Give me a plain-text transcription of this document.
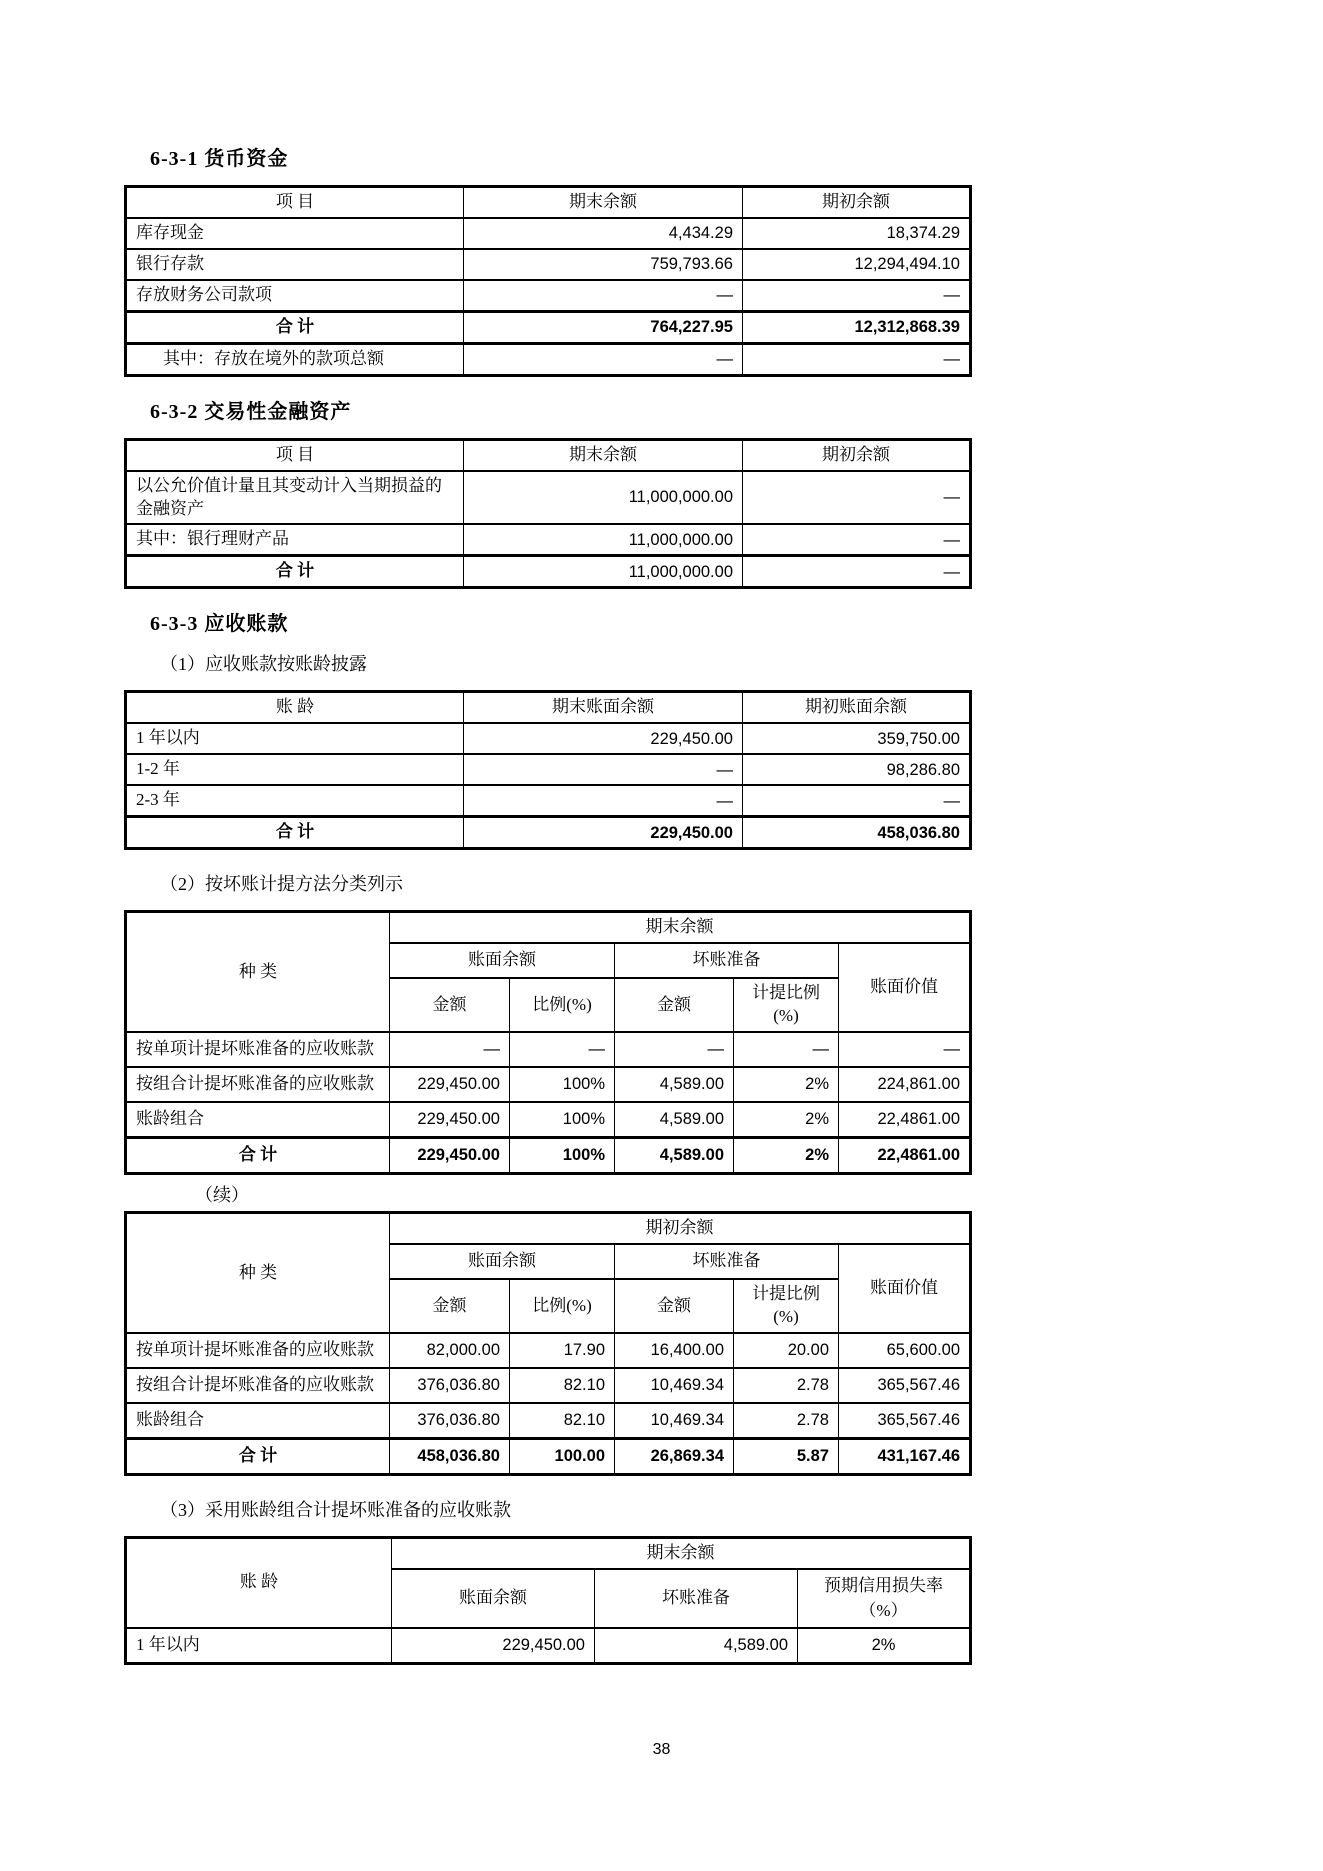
6-3-1 货币资金
项 目	期末余额	期初余额
库存现金	4,434.29	18,374.29
银行存款	759,793.66	12,294,494.10
存放财务公司款项	—	—
合 计	764,227.95	12,312,868.39
其中：存放在境外的款项总额	—	—
6-3-2 交易性金融资产
项 目	期末余额	期初余额
以公允价值计量且其变动计入当期损益的金融资产	11,000,000.00	—
其中：银行理财产品	11,000,000.00	—
合 计	11,000,000.00	—
6-3-3 应收账款

（1）应收账款按账龄披露

账 龄	期末账面余额	期初账面余额
1 年以内	229,450.00	359,750.00
1-2 年	—	98,286.80
2-3 年	—	—
合 计	229,450.00	458,036.80

（2）按坏账计提方法分类列示

种 类	期末余额				
	账面余额		坏账准备		账面价值
	金额	比例(%)	金额	计提比例(%)	
按单项计提坏账准备的应收账款	—	—	—	—	—
按组合计提坏账准备的应收账款	229,450.00	100%	4,589.00	2%	224,861.00
账龄组合	229,450.00	100%	4,589.00	2%	22,4861.00
合 计	229,450.00	100%	4,589.00	2%	22,4861.00

（续）

种 类	期初余额				
	账面余额		坏账准备		账面价值
	金额	比例(%)	金额	计提比例(%)	
按单项计提坏账准备的应收账款	82,000.00	17.90	16,400.00	20.00	65,600.00
按组合计提坏账准备的应收账款	376,036.80	82.10	10,469.34	2.78	365,567.46
账龄组合	376,036.80	82.10	10,469.34	2.78	365,567.46
合 计	458,036.80	100.00	26,869.34	5.87	431,167.46

（3）采用账龄组合计提坏账准备的应收账款

账 龄	期末余额		
	账面余额	坏账准备	预期信用损失率
（%）

1 年以内	229,450.00	4,589.00	2%
38
